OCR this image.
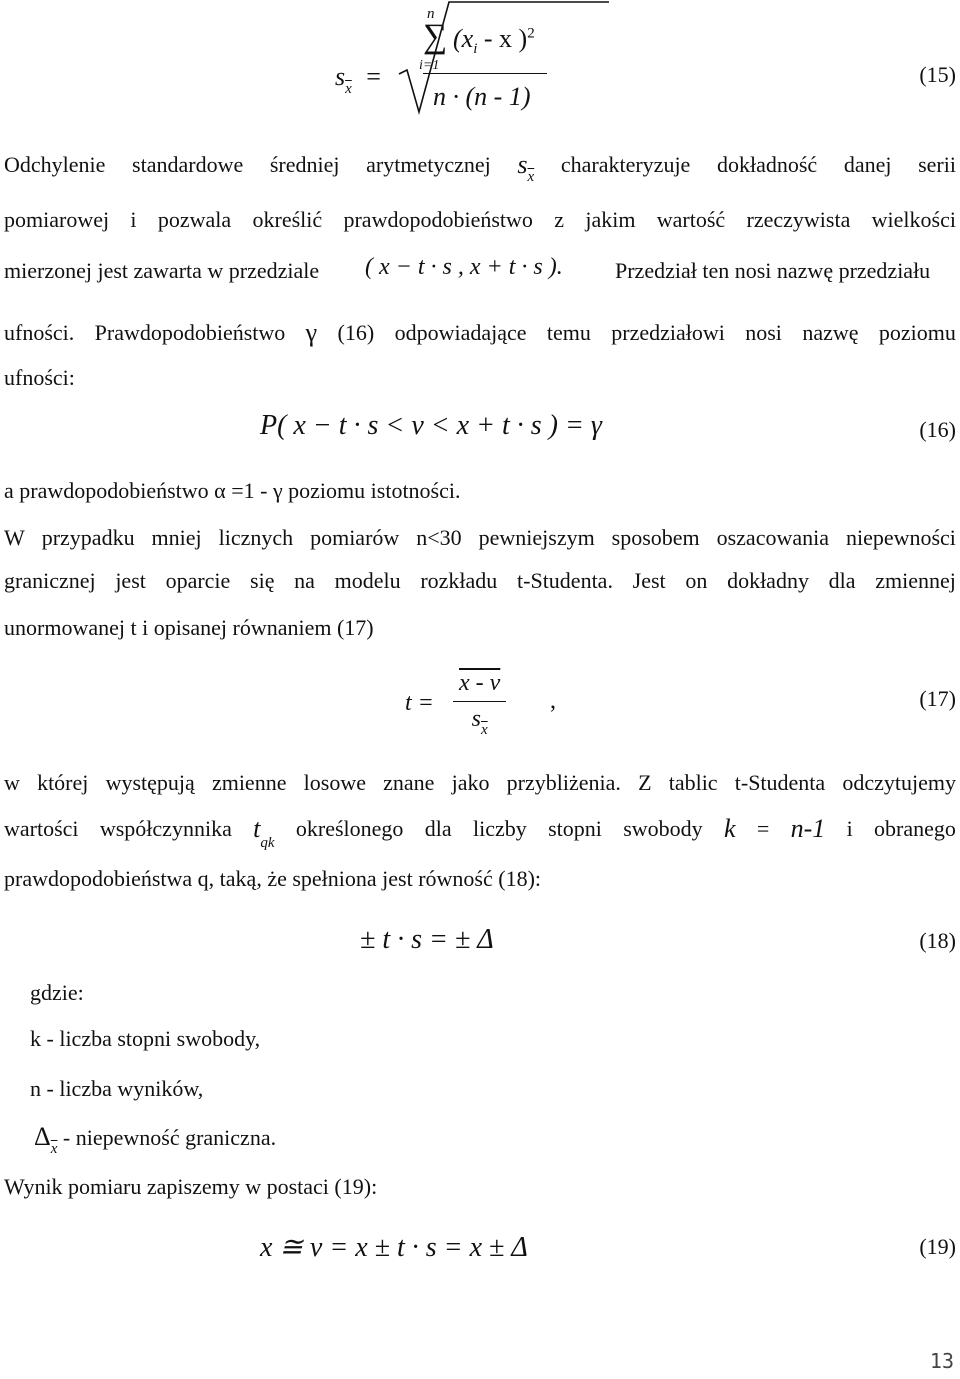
$s_{\overline{x}}$ =
n
∑
i=1
($x_i$ - x )$^2$
n · (n - 1)
(15)
Odchylenie standardowe średniej arytmetycznej $s_{\overline{x}}$ charakteryzuje dokładność danej serii
pomiarowej i pozwala określić prawdopodobieństwo z jakim wartość rzeczywista wielkości
mierzonej jest zawarta w przedziale ( x − t · s , x + t · s ). Przedział ten nosi nazwę przedziału
ufności. Prawdopodobieństwo γ (16) odpowiadające temu przedziałowi nosi nazwę poziomu
ufności:
P( x − t · s < ν < x + t · s ) = γ	(16)
a prawdopodobieństwo α =1 - γ poziomu istotności.
W przypadku mniej licznych pomiarów n<30 pewniejszym sposobem oszacowania niepewności
granicznej jest oparcie się na modelu rozkładu t-Studenta. Jest on dokładny dla zmiennej
unormowanej t i opisanej równaniem (17)
$t = \frac{x - \nu}{s_{\overline{x}}}$ ,	(17)
w której występują zmienne losowe znane jako przybliżenia. Z tablic t-Studenta odczytujemy
wartości współczynnika $t_{qk}$
określonego dla liczby stopni swobody k = n-1 i obranego
prawdopodobieństwa q, taką, że spełniona jest równość (18):
± t · s = ± Δ	(18)
gdzie:
k - liczba stopni swobody,
n - liczba wyników,
$\Delta_{\overline{x}}$ - niepewność graniczna.
Wynik pomiaru zapiszemy w postaci (19):
x ≅ ν = x ± t · s = x ± Δ	(19)
13
